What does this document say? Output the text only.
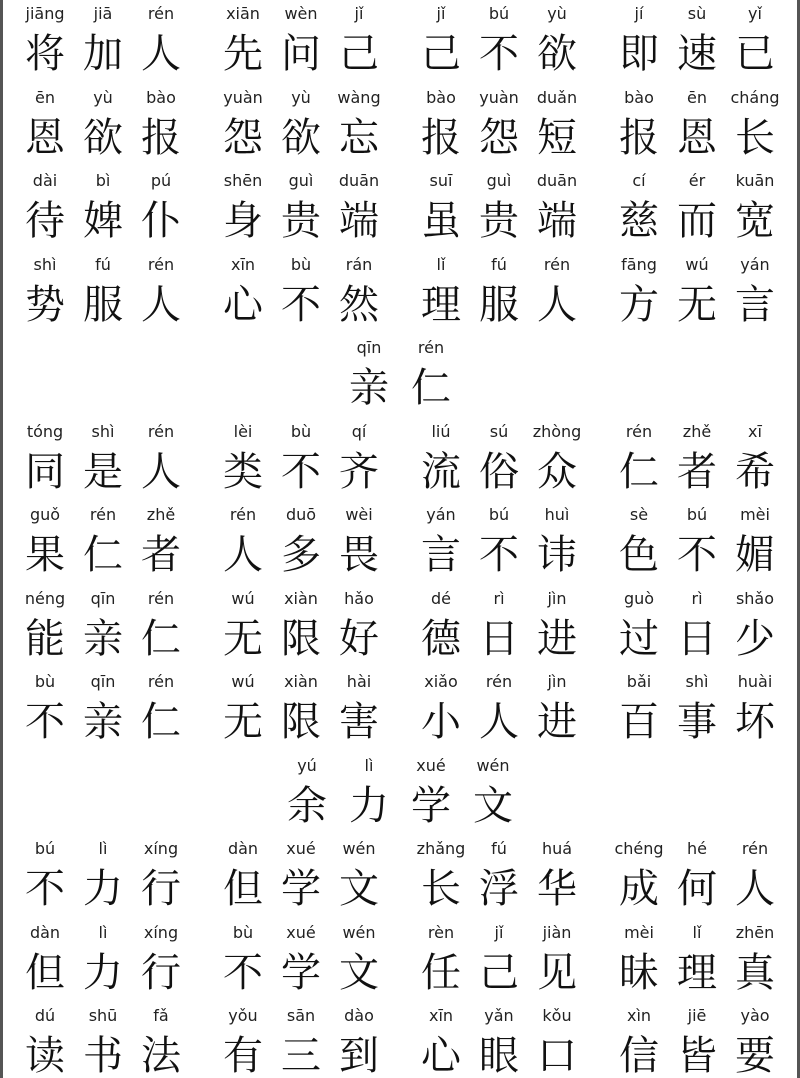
jiāng
将
jiā
加
rén
人
xiān
先
wèn
问
jǐ
己
jǐ
己
bú
不
yù
欲
jí
即
sù
速
yǐ
已
ēn
恩
yù
欲
bào
报
yuàn
怨
yù
欲
wàng
忘
bào
报
yuàn
怨
duǎn
短
bào
报
ēn
恩
cháng
长
dài
待
bì
婢
pú
仆
shēn
身
guì
贵
duān
端
suī
虽
guì
贵
duān
端
cí
慈
ér
而
kuān
宽
shì
势
fú
服
rén
人
xīn
心
bù
不
rán
然
lǐ
理
fú
服
rén
人
fāng
方
wú
无
yán
言
qīn
亲
rén
仁
tóng
同
shì
是
rén
人
lèi
类
bù
不
qí
齐
liú
流
sú
俗
zhòng
众
rén
仁
zhě
者
xī
希
guǒ
果
rén
仁
zhě
者
rén
人
duō
多
wèi
畏
yán
言
bú
不
huì
讳
sè
色
bú
不
mèi
媚
néng
能
qīn
亲
rén
仁
wú
无
xiàn
限
hǎo
好
dé
德
rì
日
jìn
进
guò
过
rì
日
shǎo
少
bù
不
qīn
亲
rén
仁
wú
无
xiàn
限
hài
害
xiǎo
小
rén
人
jìn
进
bǎi
百
shì
事
huài
坏
yú
余
lì
力
xué
学
wén
文
bú
不
lì
力
xíng
行
dàn
但
xué
学
wén
文
zhǎng
长
fú
浮
huá
华
chéng
成
hé
何
rén
人
dàn
但
lì
力
xíng
行
bù
不
xué
学
wén
文
rèn
任
jǐ
己
jiàn
见
mèi
昧
lǐ
理
zhēn
真
dú
读
shū
书
fǎ
法
yǒu
有
sān
三
dào
到
xīn
心
yǎn
眼
kǒu
口
xìn
信
jiē
皆
yào
要
